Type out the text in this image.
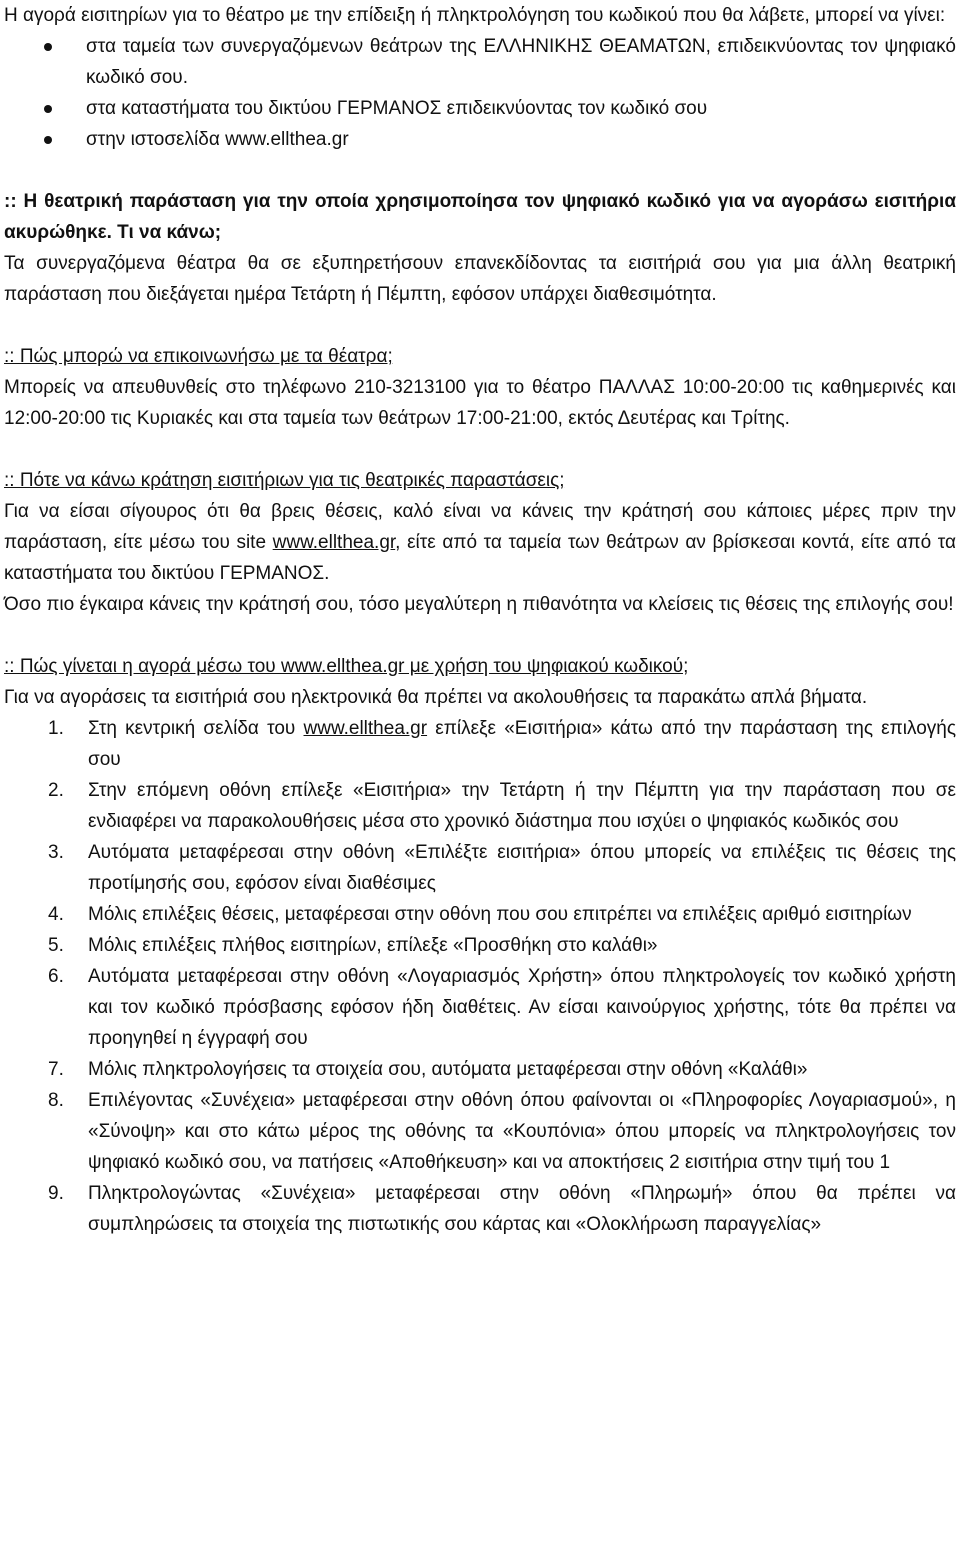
Η αγορά εισιτηρίων για το θέατρο με την επίδειξη ή πληκτρολόγηση του κωδικού που θα λάβετε, μπορεί να γίνει:

στα ταμεία των συνεργαζόμενων θεάτρων της ΕΛΛΗΝΙΚΗΣ ΘΕΑΜΑΤΩΝ, επιδεικνύοντας τον ψηφιακό κωδικό σου.
στα καταστήματα του δικτύου ΓΕΡΜΑΝΟΣ επιδεικνύοντας τον κωδικό σου
στην ιστοσελίδα www.ellthea.gr

:: Η θεατρική παράσταση για την οποία χρησιμοποίησα τον ψηφιακό κωδικό για να αγοράσω εισιτήρια ακυρώθηκε. Τι να κάνω;

Τα συνεργαζόμενα θέατρα θα σε εξυπηρετήσουν επανεκδίδοντας τα εισιτήριά σου για μια άλλη θεατρική παράσταση που διεξάγεται ημέρα Τετάρτη ή Πέμπτη, εφόσον υπάρχει διαθεσιμότητα.

:: Πώς μπορώ να επικοινωνήσω με τα θέατρα;

Μπορείς να απευθυνθείς στο τηλέφωνο 210-3213100 για το θέατρο ΠΑΛΛΑΣ 10:00-20:00 τις καθημερινές και 12:00-20:00 τις Κυριακές και στα ταμεία των θεάτρων 17:00-21:00, εκτός Δευτέρας και Τρίτης.

:: Πότε να κάνω κράτηση εισιτήριων για τις θεατρικές παραστάσεις;

Για να είσαι σίγουρος ότι θα βρεις θέσεις, καλό είναι να κάνεις την κράτησή σου κάποιες μέρες πριν την παράσταση, είτε μέσω του site www.ellthea.gr, είτε από τα ταμεία των θεάτρων αν βρίσκεσαι κοντά, είτε από τα καταστήματα του δικτύου ΓΕΡΜΑΝΟΣ.

Όσο πιο έγκαιρα κάνεις την κράτησή σου, τόσο μεγαλύτερη η πιθανότητα να κλείσεις τις θέσεις της επιλογής σου!

:: Πώς γίνεται η αγορά μέσω του www.ellthea.gr με χρήση του ψηφιακού κωδικού;

Για να αγοράσεις τα εισιτήριά σου ηλεκτρονικά θα πρέπει να ακολουθήσεις τα παρακάτω απλά βήματα.

1. Στη κεντρική σελίδα του www.ellthea.gr επίλεξε «Εισιτήρια» κάτω από την παράσταση της επιλογής σου
2. Στην επόμενη οθόνη επίλεξε «Εισιτήρια» την Τετάρτη ή την Πέμπτη για την παράσταση που σε ενδιαφέρει να παρακολουθήσεις μέσα στο χρονικό διάστημα που ισχύει ο ψηφιακός κωδικός σου
3. Αυτόματα μεταφέρεσαι στην οθόνη «Επιλέξτε εισιτήρια» όπου μπορείς να επιλέξεις τις θέσεις της προτίμησής σου, εφόσον είναι διαθέσιμες
4. Μόλις επιλέξεις θέσεις, μεταφέρεσαι στην οθόνη που σου επιτρέπει να επιλέξεις αριθμό εισιτηρίων
5. Μόλις επιλέξεις πλήθος εισιτηρίων, επίλεξε «Προσθήκη στο καλάθι»
6. Αυτόματα μεταφέρεσαι στην οθόνη «Λογαριασμός Χρήστη» όπου πληκτρολογείς τον κωδικό χρήστη και τον κωδικό πρόσβασης εφόσον ήδη διαθέτεις. Αν είσαι καινούργιος χρήστης, τότε θα πρέπει να προηγηθεί η έγγραφή σου
7. Μόλις πληκτρολογήσεις τα στοιχεία σου, αυτόματα μεταφέρεσαι στην οθόνη «Καλάθι»
8. Επιλέγοντας «Συνέχεια» μεταφέρεσαι στην οθόνη όπου φαίνονται οι «Πληροφορίες Λογαριασμού», η «Σύνοψη» και στο κάτω μέρος της οθόνης τα «Κουπόνια» όπου μπορείς να πληκτρολογήσεις τον ψηφιακό κωδικό σου, να πατήσεις «Αποθήκευση» και να αποκτήσεις 2 εισιτήρια στην τιμή του 1
9. Πληκτρολογώντας «Συνέχεια» μεταφέρεσαι στην οθόνη «Πληρωμή» όπου θα πρέπει να συμπληρώσεις τα στοιχεία της πιστωτικής σου κάρτας και «Ολοκλήρωση παραγγελίας»
